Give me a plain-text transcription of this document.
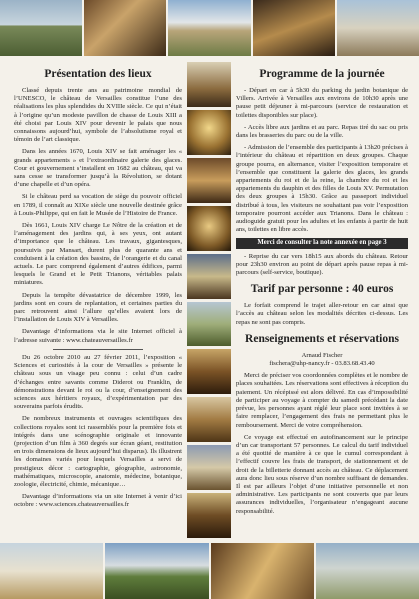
Présentation des lieux

Classé depuis trente ans au patrimoine mondial de l’UNESCO, le château de Versailles constitue l’une des réalisations les plus splendides du XVIIIe siècle. Ce qui n’était à l’origine qu’un modeste pavillon de chasse de Louis XIII a été choisi par Louis XIV pour devenir le palais que nous connaissons aujourd’hui, symbole de l’absolutisme royal et témoin de l’art classique.

Dans les années 1670, Louis XIV se fait aménager les « grands appartements » et l’extraordinaire galerie des glaces. Cour et gouvernement s’installent en 1682 au château, qui va sans cesse se transformer jusqu’à la Révolution, se dotant d’une chapelle et d’un opéra.

Si le château perd sa vocation de siège du pouvoir officiel en 1789, il connaît au XIXe siècle une nouvelle destinée grâce à Louis-Philippe, qui en fait le Musée de l’Histoire de France.

Dès 1661, Louis XIV charge Le Nôtre de la création et de l’aménagement des jardins qui, à ses yeux, ont autant d’importance que le château. Les travaux, gigantesques, poursuivis par Mansart, durent plus de quarante ans et conduisent à la création des bassins, de l’orangerie et du canal actuels. Le parc comprend également d’autres édifices, parmi lesquels le Grand et le Petit Trianons, véritables palais miniatures.

Depuis la tempête dévastatrice de décembre 1999, les jardins sont en cours de replantation, et certaines parties du parc retrouvent ainsi l’allure qu’elles avaient lors de l’installation de Louis XIV à Versailles.

Davantage d’informations via le site Internet officiel à l’adresse suivante : www.chateauversailles.fr

Du 26 octobre 2010 au 27 février 2011, l’exposition « Sciences et curiosités à la cour de Versailles » présente le château sous un visage peu connu : celui d’un cadre d’échanges entre savants comme Diderot ou Franklin, de démonstrations devant le roi ou la cour, d’enseignement des sciences aux héritiers royaux, d’expérimentation par des souverains parfois érudits.

De nombreux instruments et ouvrages scientifiques des collections royales sont ici rassemblés pour la première fois et intégrés dans une scénographie originale et innovante (projection d’un film à 360 degrés sur écran géant, restitution en trois dimensions de lieux aujourd’hui disparus). Ils illustrent les domaines variés pour lesquels Versailles a servi de prestigieux décor : cartographie, géographie, astronomie, mathématiques, microscopie, anatomie, médecine, botanique, zoologie, électricité, chimie, mécanique…

Davantage d’informations via un site Internet à venir d’ici octobre : www.sciences.chateauversailles.fr

Programme de la journée

- Départ en car à 5h30 du parking du jardin botanique de Villers. Arrivée à Versailles aux environs de 10h30 après une pause petit déjeuner à mi-parcours (service de restauration et toilettes disponibles sur place).

- Accès libre aux jardins et au parc. Repas tiré du sac ou pris dans les brasseries du parc ou de la ville.

- Admission de l’ensemble des participants à 13h20 précises à l’intérieur du château et répartition en deux groupes. Chaque groupe pourra, en alternance, visiter l’exposition temporaire et l’ensemble que constituent la galerie des glaces, les grands appartements du roi et de la reine, la chambre du roi et les appartements du dauphin et des filles de Louis XV. Permutation des deux groupes à 15h30. Grâce au passeport individuel distribué à tous, les visiteurs ne souhaitant pas voir l’exposition temporaire pourront accéder aux Trianons. Dans le château : audioguide gratuit pour les adultes et les enfants à partir de huit ans, toilettes en libre accès.

Merci de consulter la note annexée en page 3

- Reprise du car vers 18h15 aux abords du château. Retour pour 23h30 environ au point de départ après pause repas à mi-parcours (self-service, boutique).

Tarif par personne : 40 euros

Le forfait comprend le trajet aller-retour en car ainsi que l’accès au château selon les modalités décrites ci-dessus. Les repas ne sont pas compris.

Renseignements et réservations

Arnaud Fischer

fischera@uhp-nancy.fr - 03.83.68.43.40

Merci de préciser vos coordonnées complètes et le nombre de places souhaitées. Les réservations sont effectives à réception du paiement. Un récépissé est alors délivré. En cas d’impossibilité de participer au voyage à compter du samedi précédant la date prévue, les personnes ayant réglé leur place sont invitées à se faire remplacer, l’engagement des frais ne permettant plus le remboursement. Merci de votre compréhension.

Ce voyage est effectué en autofinancement sur le principe d’un car transportant 57 personnes. Le calcul du tarif individuel a été quotité de manière à ce que le cumul correspondant à l’effectif couvre les frais de transport, de stationnement et de droit de la billetterie donnant accès au château. Ce déplacement aura donc lieu sous réserve d’un nombre suffisant de demandes. Il est par ailleurs l’objet d’une initiative personnelle et non administrative. Les participants ne sont couverts que par leurs assurances individuelles, l’organisateur n’engageant aucune responsabilité.
